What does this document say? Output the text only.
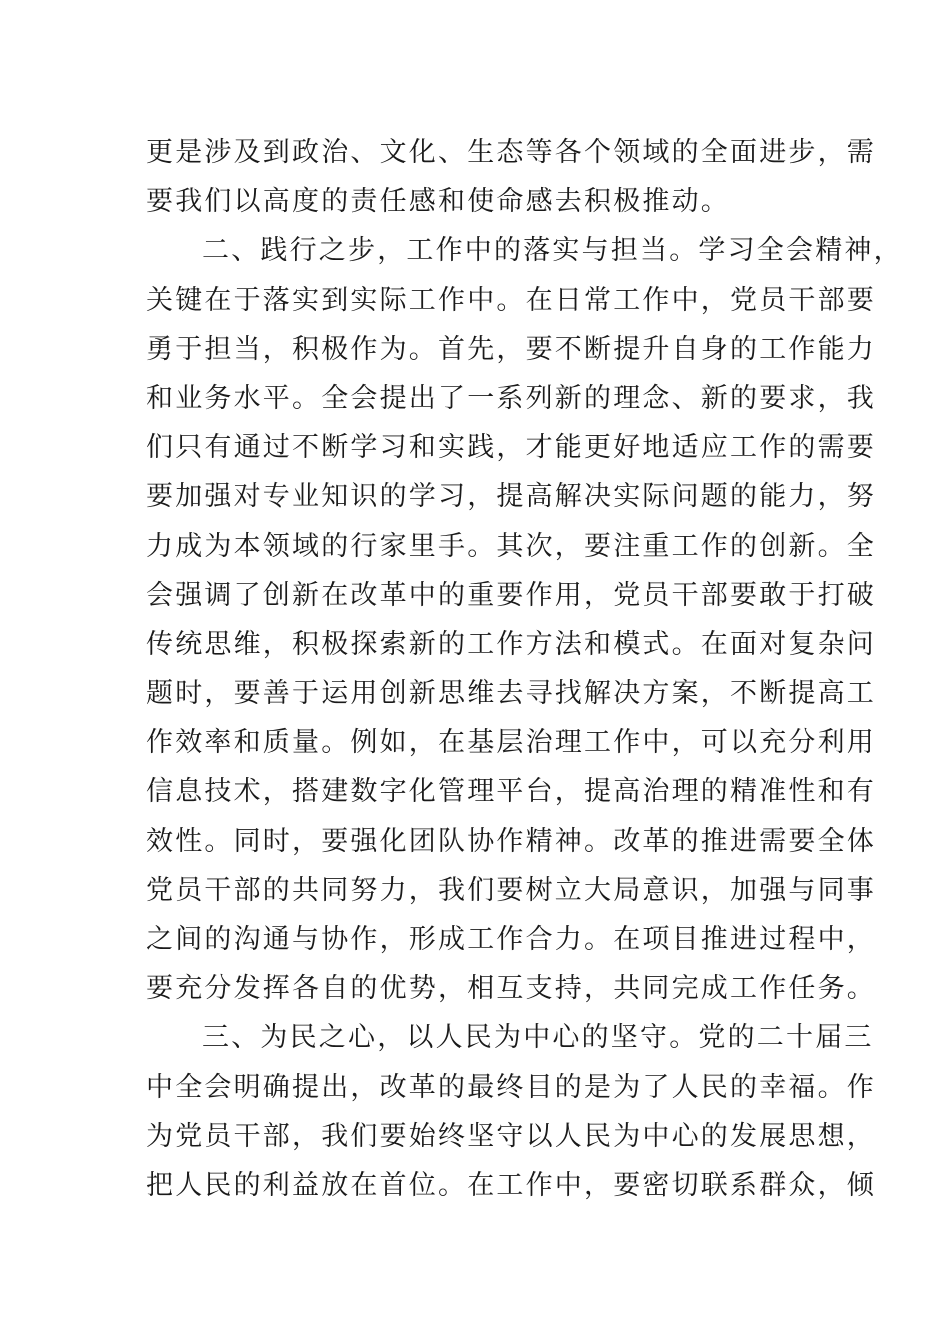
更是涉及到政治、文化、生态等各个领域的全面进步，需
要我们以高度的责任感和使命感去积极推动。
二、践行之步，工作中的落实与担当。学习全会精神，
关键在于落实到实际工作中。在日常工作中，党员干部要
勇于担当，积极作为。首先，要不断提升自身的工作能力
和业务水平。全会提出了一系列新的理念、新的要求，我
们只有通过不断学习和实践，才能更好地适应工作的需要
要加强对专业知识的学习，提高解决实际问题的能力，努
力成为本领域的行家里手。其次，要注重工作的创新。全
会强调了创新在改革中的重要作用，党员干部要敢于打破
传统思维，积极探索新的工作方法和模式。在面对复杂问
题时，要善于运用创新思维去寻找解决方案，不断提高工
作效率和质量。例如，在基层治理工作中，可以充分利用
信息技术，搭建数字化管理平台，提高治理的精准性和有
效性。同时，要强化团队协作精神。改革的推进需要全体
党员干部的共同努力，我们要树立大局意识，加强与同事
之间的沟通与协作，形成工作合力。在项目推进过程中，
要充分发挥各自的优势，相互支持，共同完成工作任务。
三、为民之心，以人民为中心的坚守。党的二十届三
中全会明确提出，改革的最终目的是为了人民的幸福。作
为党员干部，我们要始终坚守以人民为中心的发展思想，
把人民的利益放在首位。在工作中，要密切联系群众，倾
